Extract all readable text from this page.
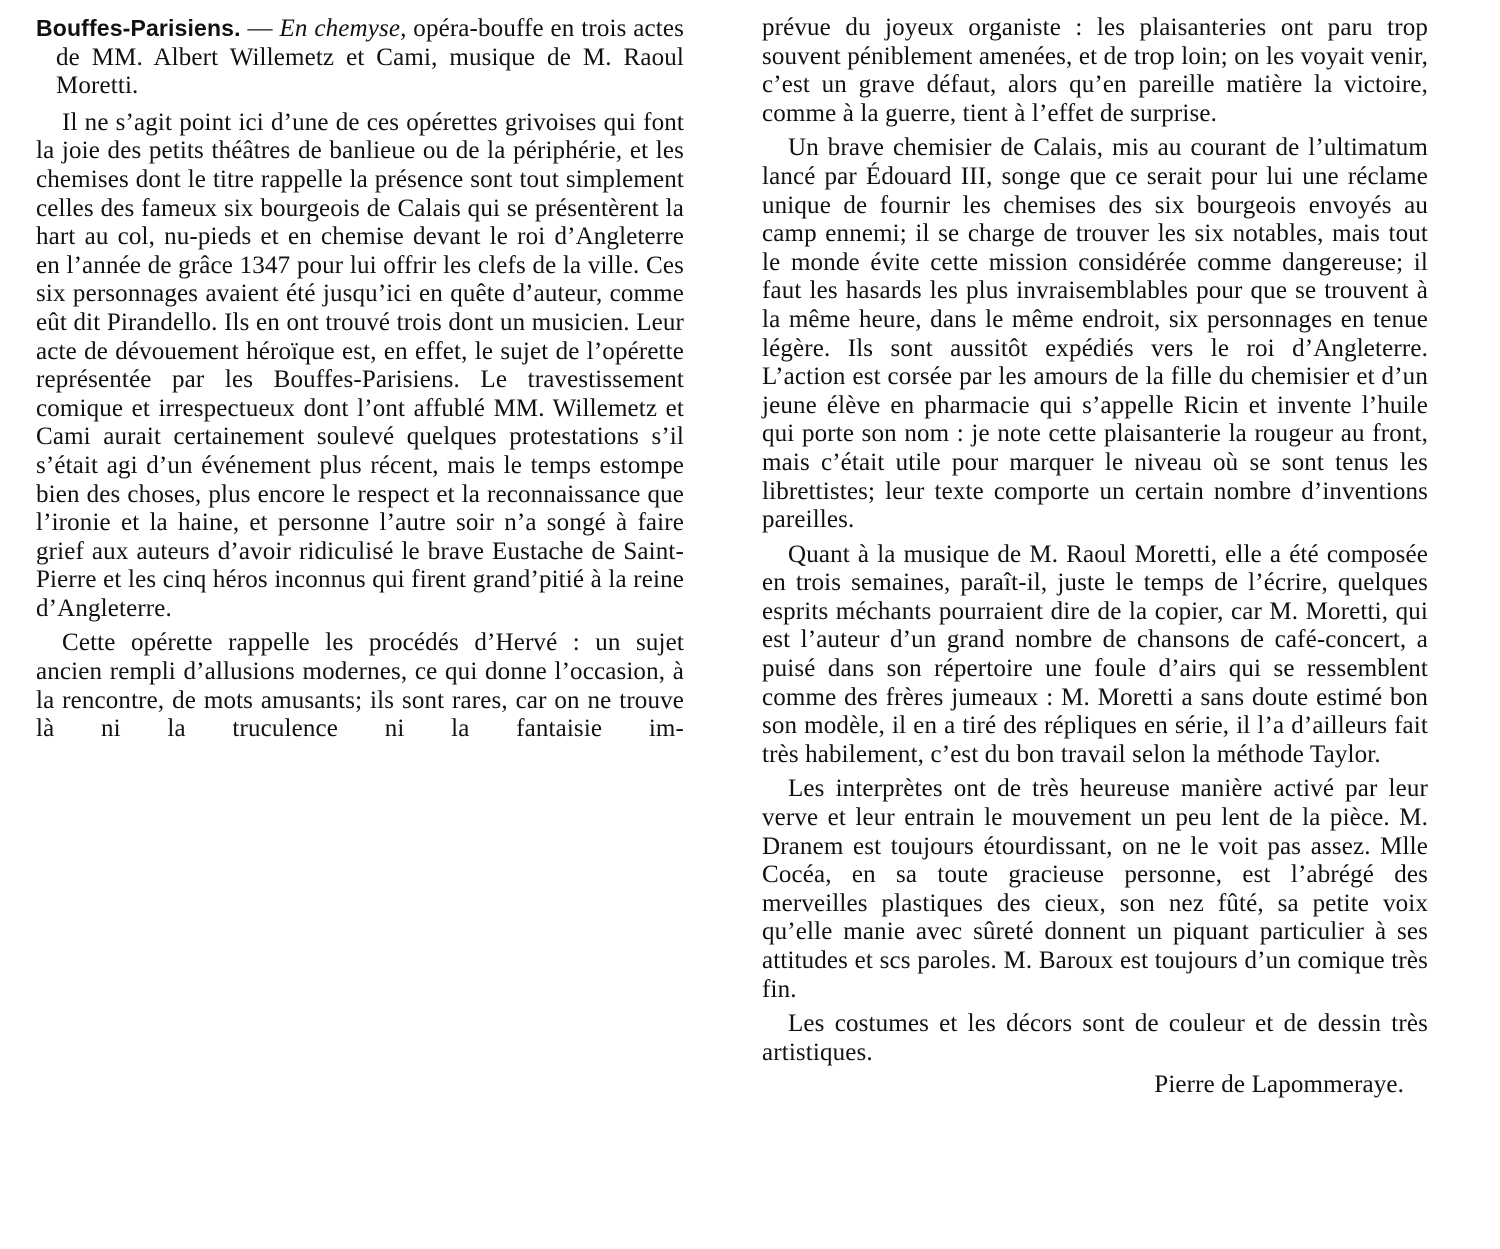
Bouffes-Parisiens. — En chemyse, opéra-bouffe en trois actes de MM. Albert Willemetz et Cami, musique de M. Raoul Moretti.

Il ne s’agit point ici d’une de ces opérettes grivoises qui font la joie des petits théâtres de banlieue ou de la périphérie, et les chemises dont le titre rappelle la présence sont tout simplement celles des fameux six bourgeois de Calais qui se présentèrent la hart au col, nu-pieds et en chemise devant le roi d’Angleterre en l’année de grâce 1347 pour lui offrir les clefs de la ville. Ces six personnages avaient été jusqu’ici en quête d’auteur, comme eût dit Pirandello. Ils en ont trouvé trois dont un musicien. Leur acte de dévouement héroïque est, en effet, le sujet de l’opérette représentée par les Bouffes-Parisiens. Le travestissement comique et irrespectueux dont l’ont affublé MM. Willemetz et Cami aurait certainement soulevé quelques protestations s’il s’était agi d’un événement plus récent, mais le temps estompe bien des choses, plus encore le respect et la reconnaissance que l’ironie et la haine, et personne l’autre soir n’a songé à faire grief aux auteurs d’avoir ridiculisé le brave Eustache de Saint-Pierre et les cinq héros inconnus qui firent grand’pitié à la reine d’Angleterre.

Cette opérette rappelle les procédés d’Hervé : un sujet ancien rempli d’allusions modernes, ce qui donne l’occasion, à la rencontre, de mots amusants; ils sont rares, car on ne trouve là ni la truculence ni la fantaisie im-

prévue du joyeux organiste : les plaisanteries ont paru trop souvent péniblement amenées, et de trop loin; on les voyait venir, c’est un grave défaut, alors qu’en pareille matière la victoire, comme à la guerre, tient à l’effet de surprise.

Un brave chemisier de Calais, mis au courant de l’ultimatum lancé par Édouard III, songe que ce serait pour lui une réclame unique de fournir les chemises des six bourgeois envoyés au camp ennemi; il se charge de trouver les six notables, mais tout le monde évite cette mission considérée comme dangereuse; il faut les hasards les plus invraisemblables pour que se trouvent à la même heure, dans le même endroit, six personnages en tenue légère. Ils sont aussitôt expédiés vers le roi d’Angleterre. L’action est corsée par les amours de la fille du chemisier et d’un jeune élève en pharmacie qui s’appelle Ricin et invente l’huile qui porte son nom : je note cette plaisanterie la rougeur au front, mais c’était utile pour marquer le niveau où se sont tenus les librettistes; leur texte comporte un certain nombre d’inventions pareilles.

Quant à la musique de M. Raoul Moretti, elle a été composée en trois semaines, paraît-il, juste le temps de l’écrire, quelques esprits méchants pourraient dire de la copier, car M. Moretti, qui est l’auteur d’un grand nombre de chansons de café-concert, a puisé dans son répertoire une foule d’airs qui se ressemblent comme des frères jumeaux : M. Moretti a sans doute estimé bon son modèle, il en a tiré des répliques en série, il l’a d’ailleurs fait très habilement, c’est du bon travail selon la méthode Taylor.

Les interprètes ont de très heureuse manière activé par leur verve et leur entrain le mouvement un peu lent de la pièce. M. Dranem est toujours étourdissant, on ne le voit pas assez. Mlle Cocéa, en sa toute gracieuse personne, est l’abrégé des merveilles plastiques des cieux, son nez fûté, sa petite voix qu’elle manie avec sûreté donnent un piquant particulier à ses attitudes et scs paroles. M. Baroux est toujours d’un comique très fin.

Les costumes et les décors sont de couleur et de dessin très artistiques.

Pierre de Lapommeraye.
